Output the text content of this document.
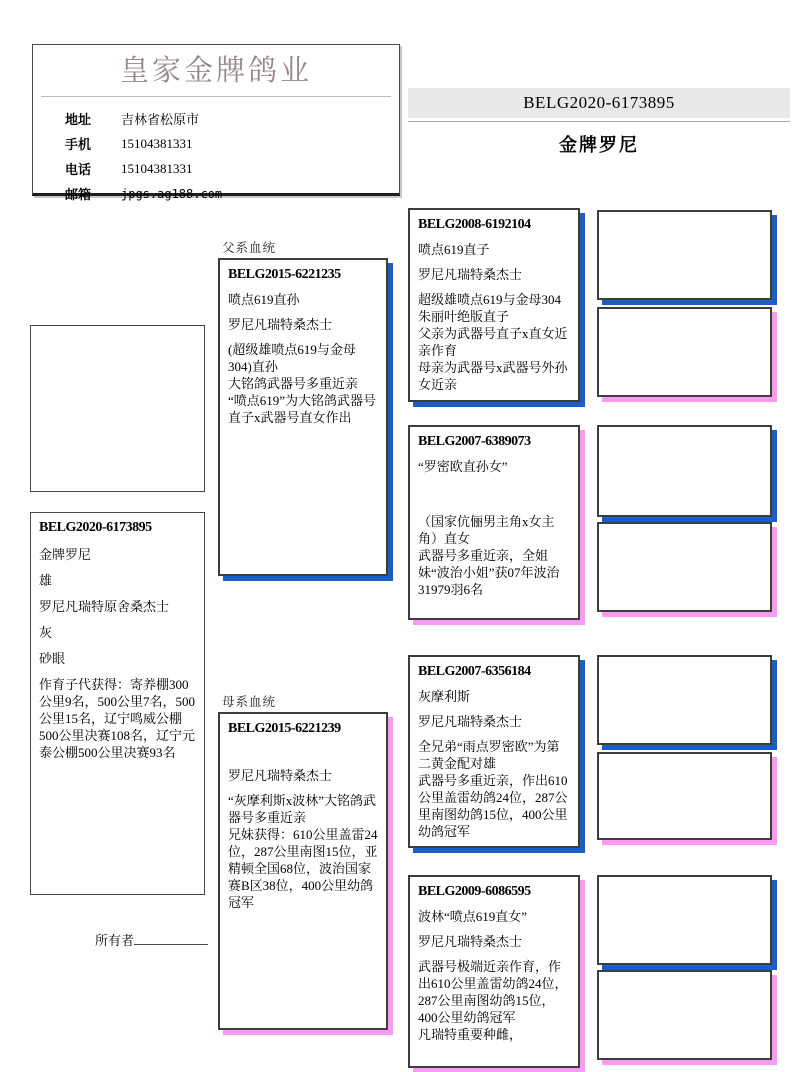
皇家金牌鸽业
地址	吉林省松原市
手机	15104381331
电话	15104381331
邮箱	jpgs.ag188.com
BELG2020-6173895
金牌罗尼

BELG2020-6173895

金牌罗尼

雄

罗尼凡瑞特原舍桑杰士

灰

砂眼

作育子代获得：寄养棚300公里9名，500公里7名，500公里15名，辽宁鸣威公棚500公里决赛108名，辽宁元泰公棚500公里决赛93名

所有者
父系血统

BELG2015-6221235

喷点619直孙

罗尼凡瑞特桑杰士

(超级雄喷点619与金母304)直孙

大铭鸽武器号多重近亲

“喷点619”为大铭鸽武器号直子x武器号直女作出

母系血统

BELG2015-6221239

罗尼凡瑞特桑杰士

“灰摩利斯x波林”大铭鸽武器号多重近亲

兄妹获得：610公里盖雷24位，287公里南图15位，亚精顿全国68位，波治国家赛B区38位，400公里幼鸽冠军

BELG2008-6192104

喷点619直子

罗尼凡瑞特桑杰士

超级雄喷点619与金母304朱丽叶绝版直子

父亲为武器号直子x直女近亲作育

母亲为武器号x武器号外孙女近亲

BELG2007-6389073

“罗密欧直孙女”

（国家伉俪男主角x女主角）直女

武器号多重近亲，全姐妹“波治小姐”获07年波治31979羽6名

BELG2007-6356184

灰摩利斯

罗尼凡瑞特桑杰士

全兄弟“雨点罗密欧”为第二黄金配对雄

武器号多重近亲，作出610公里盖雷幼鸽24位，287公里南图幼鸽15位，400公里幼鸽冠军

BELG2009-6086595

波林“喷点619直女”

罗尼凡瑞特桑杰士

武器号极端近亲作育，作出610公里盖雷幼鸽24位，287公里南图幼鸽15位，400公里幼鸽冠军

凡瑞特重要种雌，
